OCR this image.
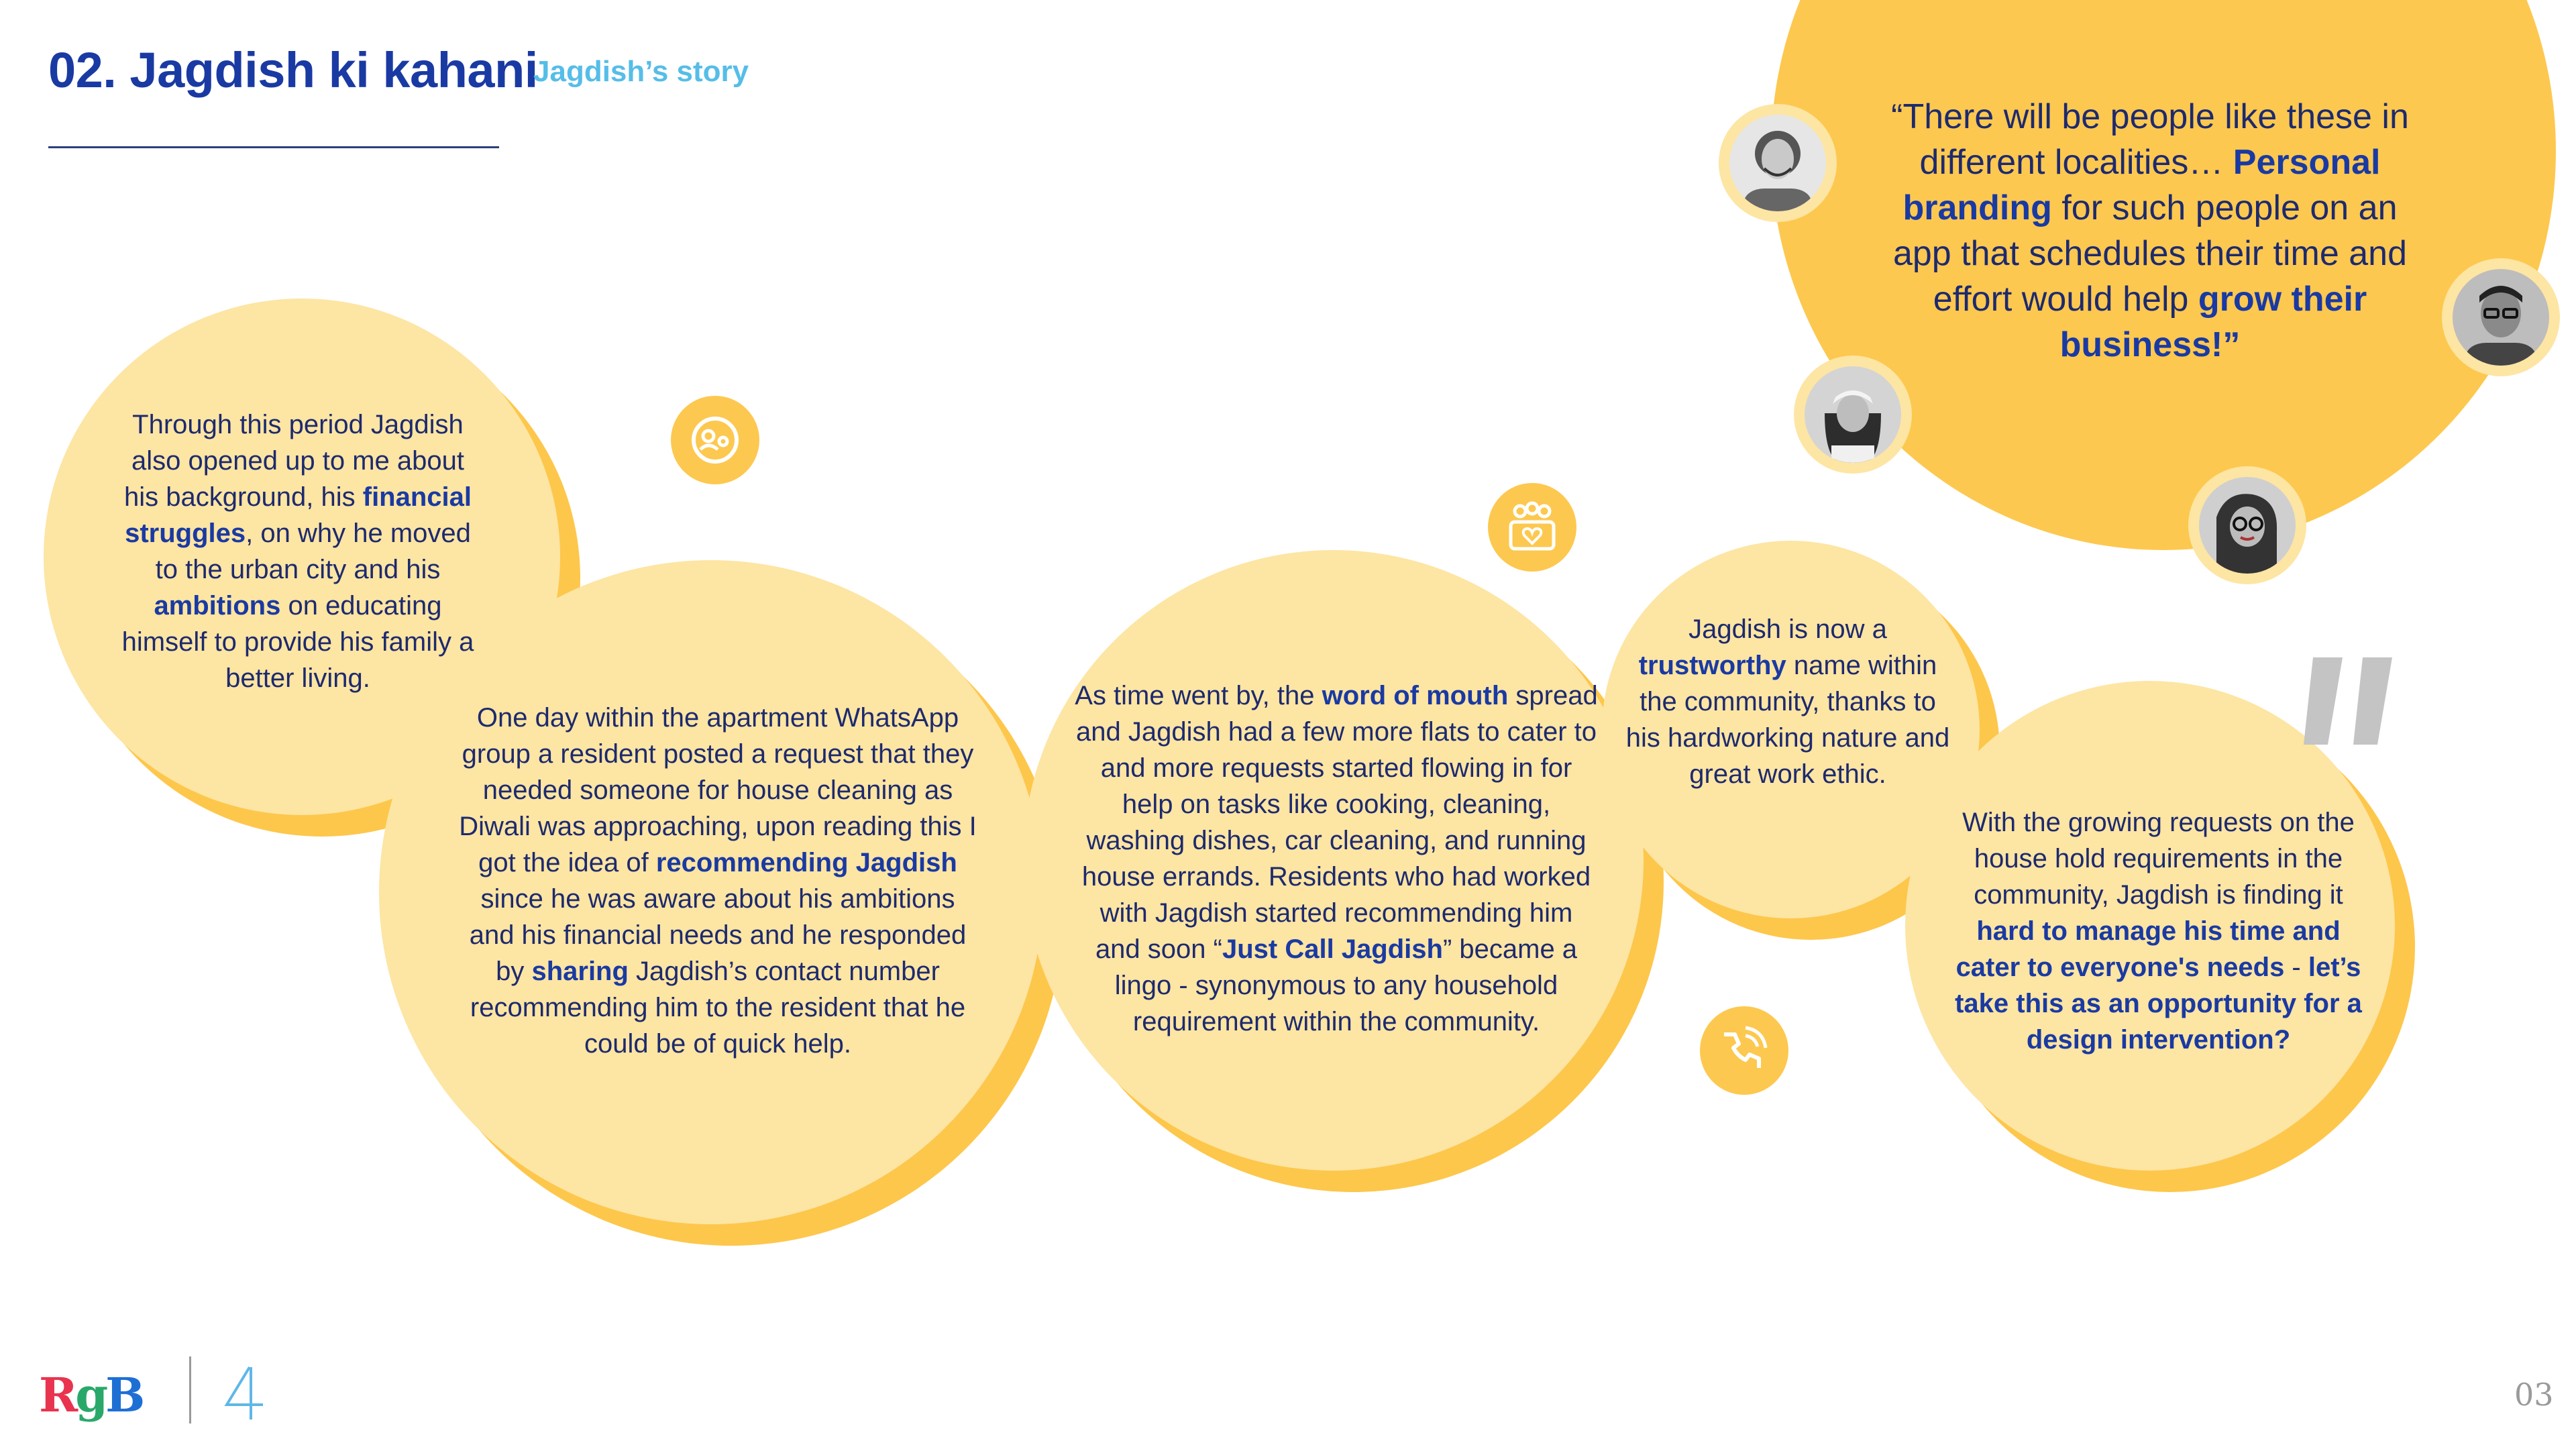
02. Jagdish ki kahani
Jagdish’s story
“There will be people like these in different localities… Personal branding for such people on an app that schedules their time and effort would help grow their business!”
Through this period Jagdish also opened up to me about his background, his financial struggles, on why he moved to the urban city and his ambitions on educating himself to provide his family a better living.
One day within the apartment WhatsApp group a resident posted a request that they needed someone for house cleaning as Diwali was approaching, upon reading this I got the idea of recommending Jagdish since he was aware about his ambitions and his financial needs and he responded by sharing Jagdish’s contact number recommending him to the resident that he could be of quick help.
As time went by, the word of mouth spread and Jagdish had a few more flats to cater to and more requests started flowing in for help on tasks like cooking, cleaning, washing dishes, car cleaning, and running house errands. Residents who had worked with Jagdish started recommending him and soon “Just Call Jagdish” became a lingo - synonymous to any household requirement within the community.
Jagdish is now a trustworthy name within the community, thanks to his hardworking nature and great work ethic.
With the growing requests on the house hold requirements in the community, Jagdish is finding it hard to manage his time and cater to everyone's needs - let’s take this as an opportunity for a design intervention?
RgB	03
